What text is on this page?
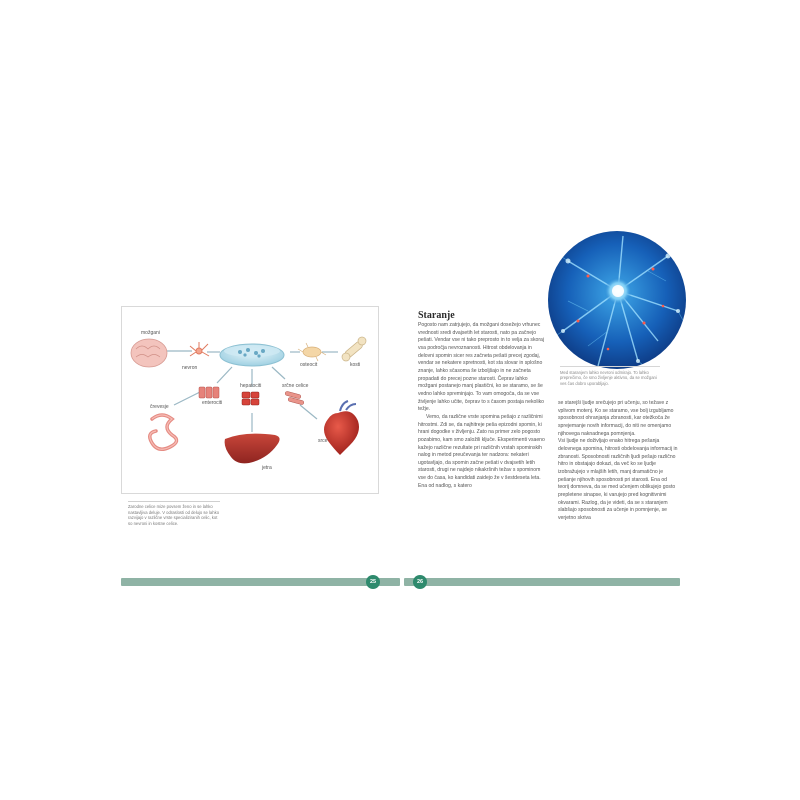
možgani
nevron	osteocit	kosti
enterociti
hepatociti	srčne celice
črevesje
jetra
srce
Zarodne celice mize povsem ženo in se lahko nastavljiva deluje. V odraslosti od delujo se lahko razvijajo v različne vrste specializiranih celic, kot so nevroni in kostne celice.
Staranje

Pogosto nam zatrjujejo, da možgani dosežejo vrhunec vrednosti sredi dvajsetih let starosti, nato pa začnejo pešati. Vendar vse ni tako preprosto in to velja za skoraj vsa področja nevroznanosti. Hitrost obdelovanja in delovni spomin sicer res začneta pešati precej zgodaj, vendar se nekatere spretnosti, kot sta slovar in splošno znanje, lahko sčasoma še izboljšajo in ne začneta propadati do precej pozne starosti. Čeprav lahko možgani postanejo manj plastični, ko se staramo, se še vedno lahko spreminjajo. To vam omogoča, da se vse življenje lahko učite, čeprav to s časom postaja nekoliko težje.

Vemo, da različne vrste spomina pešajo z različnimi hitrostmi. Zdi se, da najhitreje peša epizodni spomin, ki hrani dogodke v življenju. Zato na primer zelo pogosto pozabimo, kam smo založili ključe. Eksperimenti vsaeno kažejo različne rezultate pri različnih vrstah spominskih nalog in metod preučevanja ter nadzora: nekateri ugotavljajo, da spomin začne pešati v dvajsetih letih starosti, drugi ne najdejo nikakršnih težav s spominom vse do časa, ko kandidati zaidejo že v šestdeseta leta. Ena od nadlog, s katero

Med staranjem lahko nevroni odmirajo. To lahko preprečimo, če smo življenje aktivno, da se možgani ves čas dobro uporabljajo.

se starejši ljudje srečujejo pri učenju, so težave z vplivom motenj. Ko se staramo, vse bolj izgubljamo sposobnost ohranjanja zbranosti, kar otežkoča že sprejemanje novih informacij, do niti ne omenjamo njihovega naknadnega pomnjenja.

Vsi ljudje ne doživljajo enako hitrega pešanja delovnega spomina, hitrosti obdelovanja informacij in zbranosti. Sposobnosti različnih ljudi pešajo različno hitro in obstajajo dokazi, da več ko se ljudje izobražujejo v mlajših letih, manj dramatično je pešanje njihovih sposobnosti pri starosti. Ena od teorij domneva, da se med učenjem oblikujejo gosto prepletene sinapse, ki varujejo pred kognitivnimi okvarami. Razlog, da je videti, da se s staranjem slabšajo sposobnosti za učenje in pomnjenje, se verjetno skriva

25	26
